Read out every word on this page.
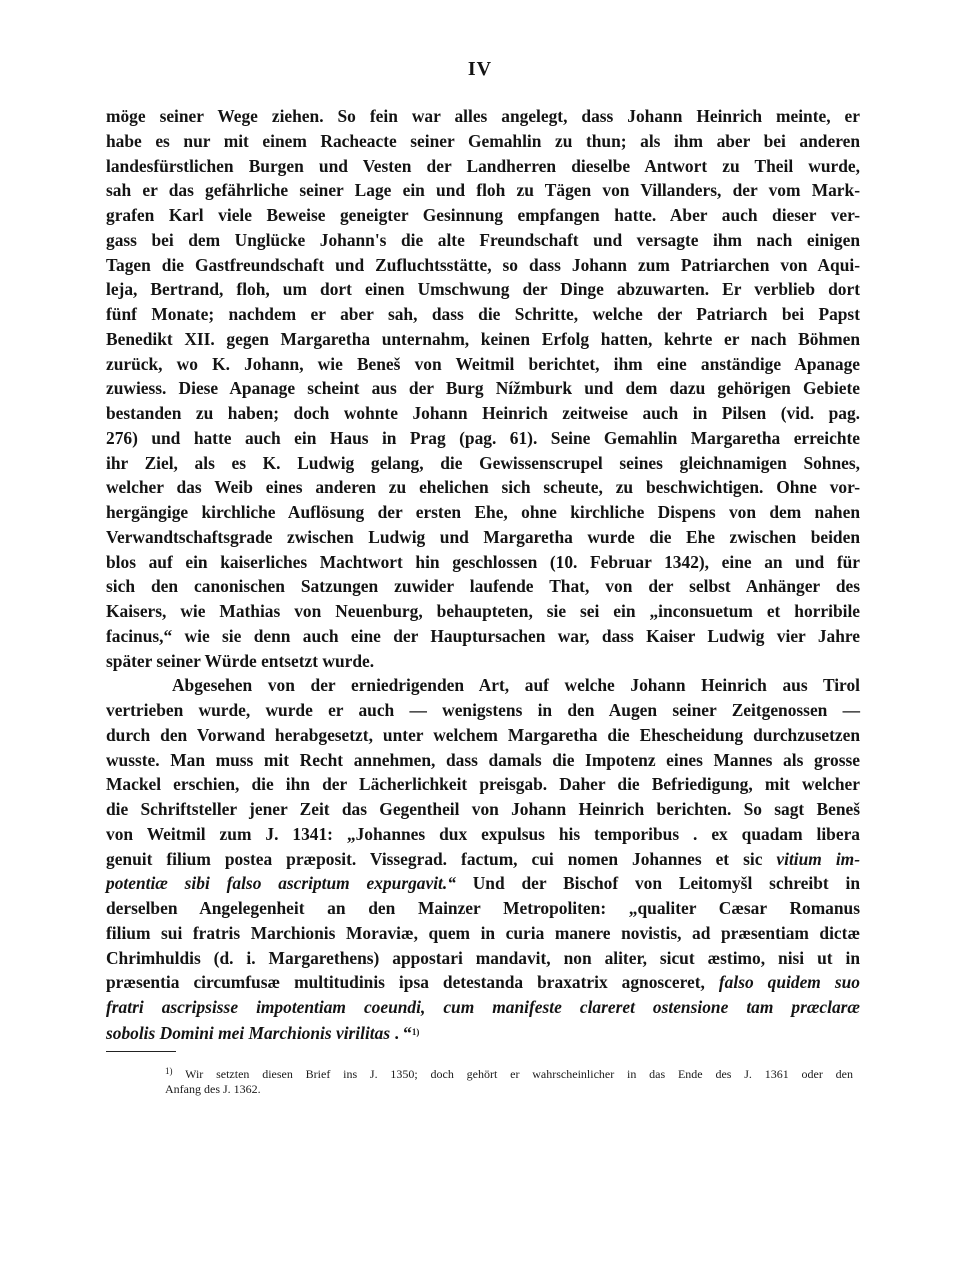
IV
möge seiner Wege ziehen. So fein war alles angelegt, dass Johann Heinrich meinte, er
habe es nur mit einem Racheacte seiner Gemahlin zu thun; als ihm aber bei anderen
landesfürstlichen Burgen und Vesten der Landherren dieselbe Antwort zu Theil wurde,
sah er das gefährliche seiner Lage ein und floh zu Tägen von Villanders, der vom Mark-
grafen Karl viele Beweise geneigter Gesinnung empfangen hatte. Aber auch dieser ver-
gass bei dem Unglücke Johann's die alte Freundschaft und versagte ihm nach einigen
Tagen die Gastfreundschaft und Zufluchtsstätte, so dass Johann zum Patriarchen von Aqui-
leja, Bertrand, floh, um dort einen Umschwung der Dinge abzuwarten. Er verblieb dort
fünf Monate; nachdem er aber sah, dass die Schritte, welche der Patriarch bei Papst
Benedikt XII. gegen Margaretha unternahm, keinen Erfolg hatten, kehrte er nach Böhmen
zurück, wo K. Johann, wie Beneš von Weitmil berichtet, ihm eine anständige Apanage
zuwiess. Diese Apanage scheint aus der Burg Nížmburk und dem dazu gehörigen Gebiete
bestanden zu haben; doch wohnte Johann Heinrich zeitweise auch in Pilsen (vid. pag.
276) und hatte auch ein Haus in Prag (pag. 61). Seine Gemahlin Margaretha erreichte
ihr Ziel, als es K. Ludwig gelang, die Gewissenscrupel seines gleichnamigen Sohnes,
welcher das Weib eines anderen zu ehelichen sich scheute, zu beschwichtigen. Ohne vor-
hergängige kirchliche Auflösung der ersten Ehe, ohne kirchliche Dispens von dem nahen
Verwandtschaftsgrade zwischen Ludwig und Margaretha wurde die Ehe zwischen beiden
blos auf ein kaiserliches Machtwort hin geschlossen (10. Februar 1342), eine an und für
sich den canonischen Satzungen zuwider laufende That, von der selbst Anhänger des
Kaisers, wie Mathias von Neuenburg, behaupteten, sie sei ein „inconsuetum et horribile
facinus,“ wie sie denn auch eine der Hauptursachen war, dass Kaiser Ludwig vier Jahre
später seiner Würde entsetzt wurde.
Abgesehen von der erniedrigenden Art, auf welche Johann Heinrich aus Tirol
vertrieben wurde, wurde er auch — wenigstens in den Augen seiner Zeitgenossen —
durch den Vorwand herabgesetzt, unter welchem Margaretha die Ehescheidung durchzusetzen
wusste. Man muss mit Recht annehmen, dass damals die Impotenz eines Mannes als grosse
Mackel erschien, die ihn der Lächerlichkeit preisgab. Daher die Befriedigung, mit welcher
die Schriftsteller jener Zeit das Gegentheil von Johann Heinrich berichten. So sagt Beneš
von Weitmil zum J. 1341: „Johannes dux expulsus his temporibus . ex quadam libera
genuit filium postea præposit. Vissegrad. factum, cui nomen Johannes et sic vitium im-
potentiæ sibi falso ascriptum expurgavit.“ Und der Bischof von Leitomyšl schreibt in
derselben Angelegenheit an den Mainzer Metropoliten: „qualiter Cæsar Romanus
filium sui fratris Marchionis Moraviæ, quem in curia manere novistis, ad præsentiam dictæ
Chrimhuldis (d. i. Margarethens) appostari mandavit, non aliter, sicut æstimo, nisi ut in
præsentia circumfusæ multitudinis ipsa detestanda braxatrix agnosceret, falso quidem suo
fratri ascripsisse impotentiam coeundi, cum manifeste clareret ostensione tam præclaræ
sobolis Domini mei Marchionis virilitas . “$^{1)}$
$^{1)}$ Wir setzten diesen Brief ins J. 1350; doch gehört er wahrscheinlicher in das Ende des J. 1361 oder den
Anfang des J. 1362.
